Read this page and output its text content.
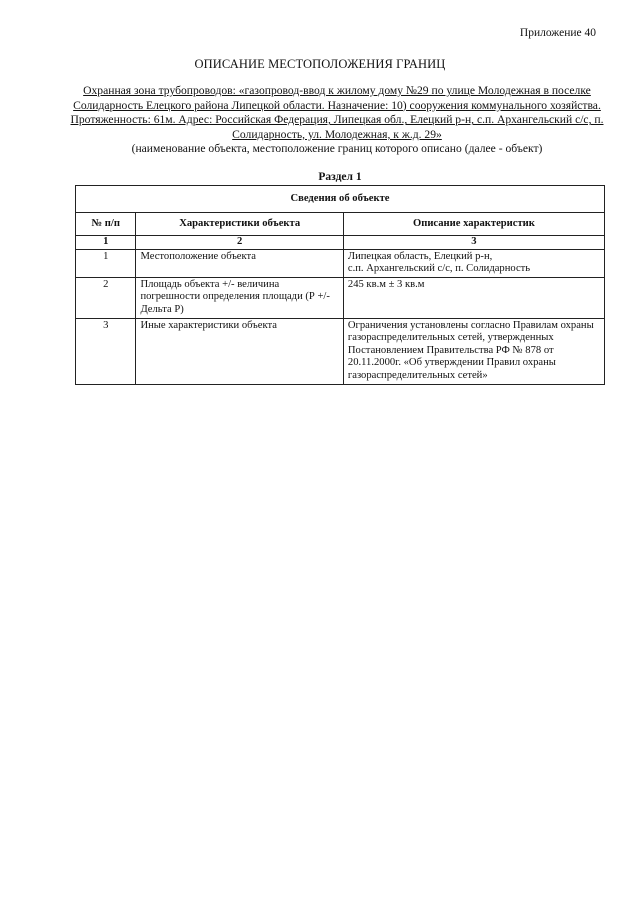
Приложение 40
ОПИСАНИЕ МЕСТОПОЛОЖЕНИЯ ГРАНИЦ
Охранная зона трубопроводов: «газопровод-ввод к жилому дому №29 по улице Молодежная в поселке Солидарность Елецкого района Липецкой области. Назначение: 10) сооружения коммунального хозяйства. Протяженность: 61м. Адрес: Российская Федерация, Липецкая обл., Елецкий р-н, с.п. Архангельский с/с, п. Солидарность, ул. Молодежная, к ж.д. 29»
(наименование объекта, местоположение границ которого описано (далее - объект)
Раздел 1
Сведения об объекте		
№ п/п	Характеристики объекта	Описание характеристик
1	2	3
1	Местоположение объекта	Липецкая область, Елецкий р-н,
с.п. Архангельский с/с, п. Солидарность

2	Площадь объекта +/- величина погрешности определения площади (Р +/- Дельта Р)	245 кв.м ± 3 кв.м

3	Иные характеристики объекта	Ограничения установлены согласно Правилам охраны газораспределительных сетей, утвержденных Постановлением Правительства РФ № 878 от 20.11.2000г. «Об утверждении Правил охраны газораспределительных сетей»
